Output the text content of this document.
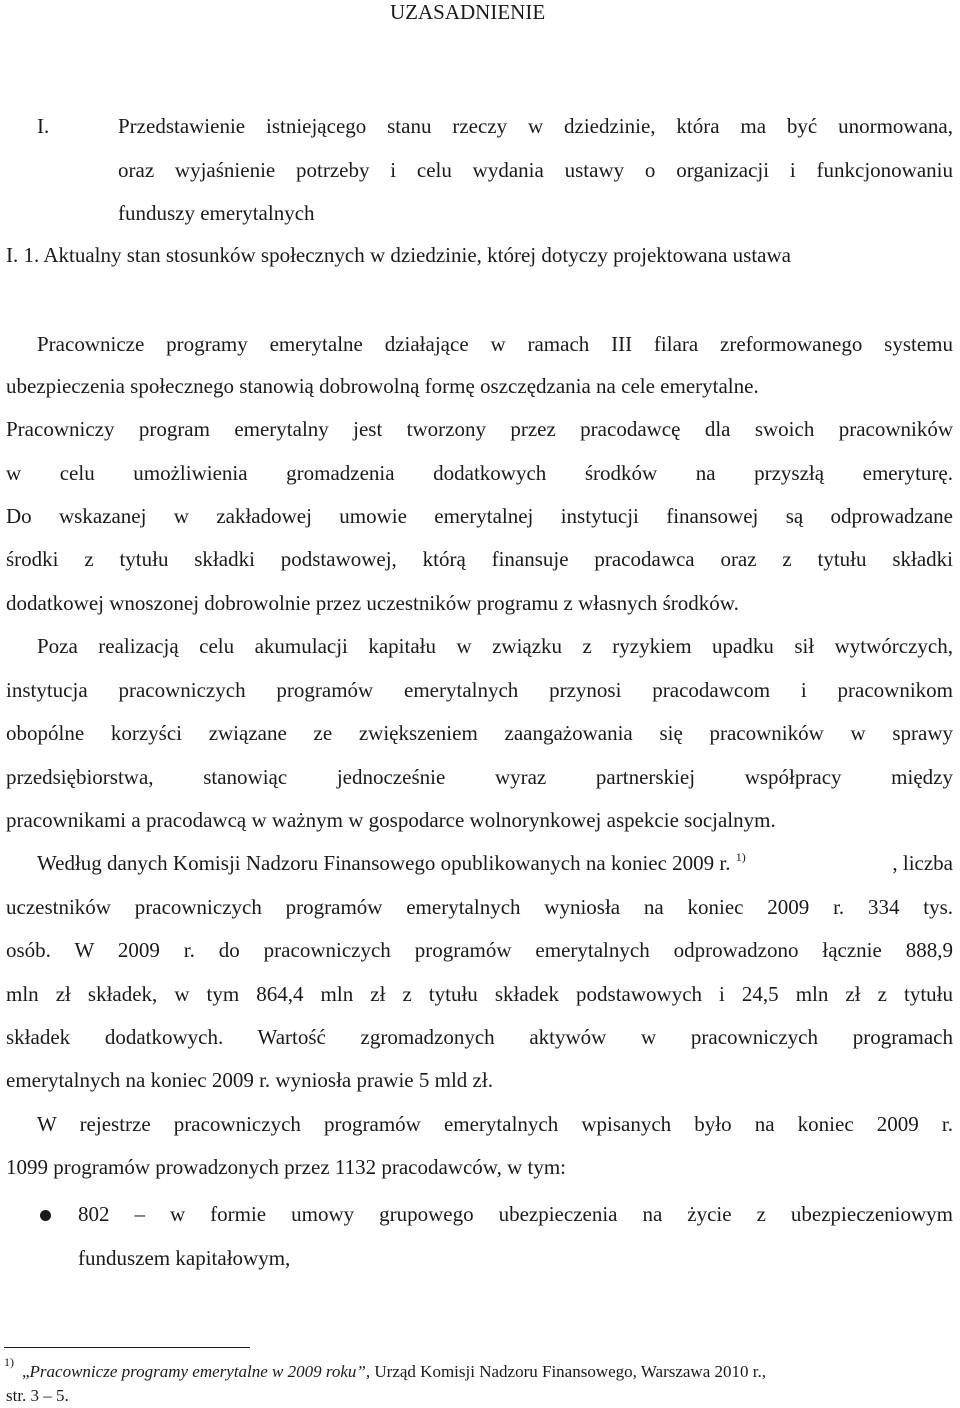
UZASADNIENIE
I.	Przedstawienie istniejącego stanu rzeczy w dziedzinie, która ma być unormowana,
oraz wyjaśnienie potrzeby i celu wydania ustawy o organizacji i funkcjonowaniu
funduszy emerytalnych
I. 1. Aktualny stan stosunków społecznych w dziedzinie, której dotyczy projektowana ustawa
Pracownicze programy emerytalne działające w ramach III filara zreformowanego systemu
ubezpieczenia społecznego stanowią dobrowolną formę oszczędzania na cele emerytalne.
Pracowniczy program emerytalny jest tworzony przez pracodawcę dla swoich pracowników
w celu umożliwienia gromadzenia dodatkowych środków na przyszłą emeryturę.
Do wskazanej w zakładowej umowie emerytalnej instytucji finansowej są odprowadzane
środki z tytułu składki podstawowej, którą finansuje pracodawca oraz z tytułu składki
dodatkowej wnoszonej dobrowolnie przez uczestników programu z własnych środków.
Poza realizacją celu akumulacji kapitału w związku z ryzykiem upadku sił wytwórczych,
instytucja pracowniczych programów emerytalnych przynosi pracodawcom i pracownikom
obopólne korzyści związane ze zwiększeniem zaangażowania się pracowników w sprawy
przedsiębiorstwa, stanowiąc jednocześnie wyraz partnerskiej współpracy między
pracownikami a pracodawcą w ważnym w gospodarce wolnorynkowej aspekcie socjalnym.
Według danych Komisji Nadzoru Finansowego opublikowanych na koniec 2009 r. $^{1)}$	, liczba
uczestników pracowniczych programów emerytalnych wyniosła na koniec 2009 r. 334 tys.
osób. W 2009 r. do pracowniczych programów emerytalnych odprowadzono łącznie 888,9
mln zł składek, w tym 864,4 mln zł z tytułu składek podstawowych i 24,5 mln zł z tytułu
składek dodatkowych. Wartość zgromadzonych aktywów w pracowniczych programach
emerytalnych na koniec 2009 r. wyniosła prawie 5 mld zł.
W rejestrze pracowniczych programów emerytalnych wpisanych było na koniec 2009 r.
1099 programów prowadzonych przez 1132 pracodawców, w tym:
802 – w formie umowy grupowego ubezpieczenia na życie z ubezpieczeniowym
funduszem kapitałowym,
1) „Pracownicze programy emerytalne w 2009 roku”, Urząd Komisji Nadzoru Finansowego, Warszawa 2010 r.,
str. 3 – 5.
